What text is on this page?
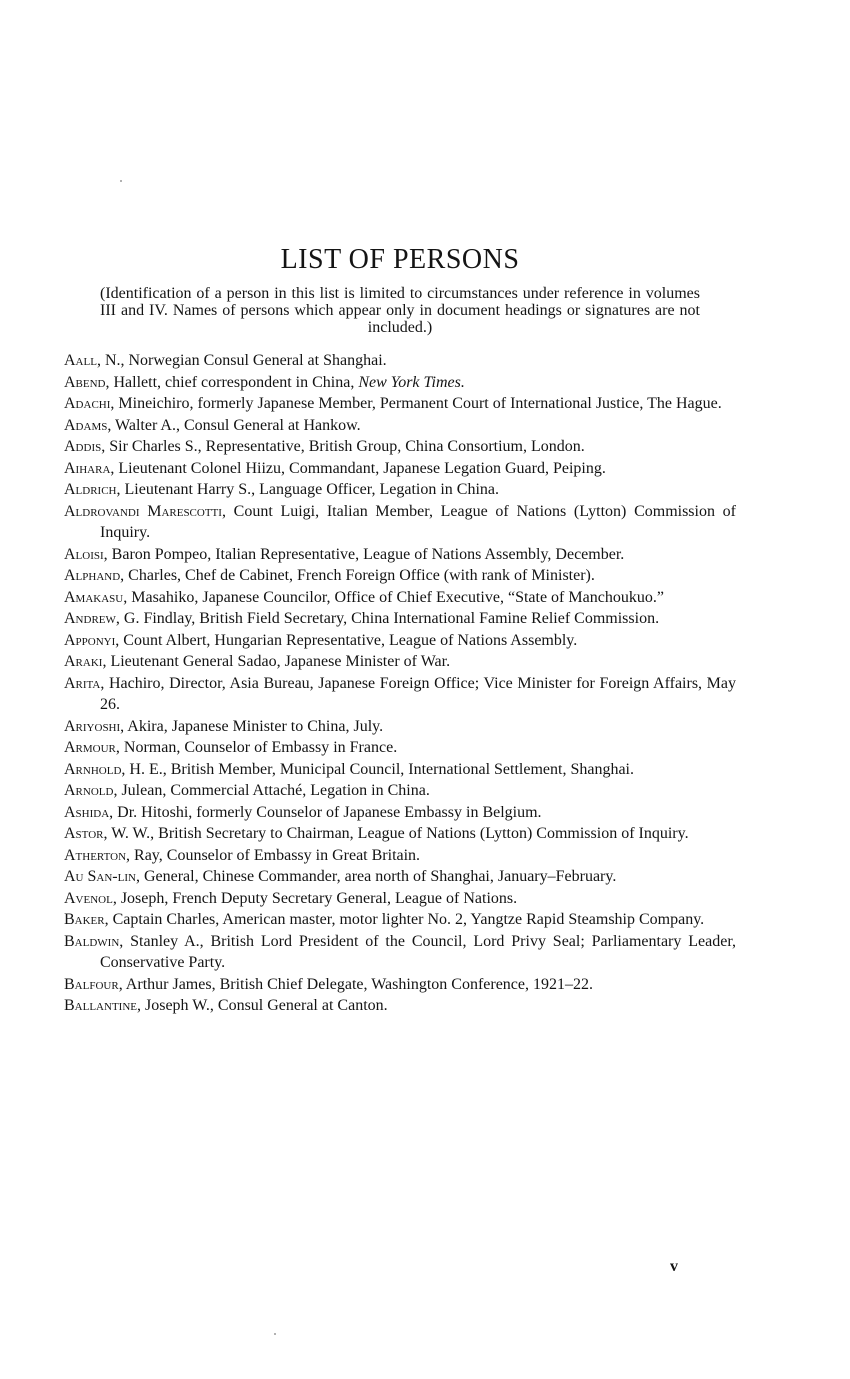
LIST OF PERSONS

(Identification of a person in this list is limited to circumstances under reference in volumes III and IV. Names of persons which appear only in document headings or signatures are not included.)

Aall, N., Norwegian Consul General at Shanghai.
Abend, Hallett, chief correspondent in China, New York Times.
Adachi, Mineichiro, formerly Japanese Member, Permanent Court of International Justice, The Hague.
Adams, Walter A., Consul General at Hankow.
Addis, Sir Charles S., Representative, British Group, China Consortium, London.
Aihara, Lieutenant Colonel Hiizu, Commandant, Japanese Legation Guard, Peiping.
Aldrich, Lieutenant Harry S., Language Officer, Legation in China.
Aldrovandi Marescotti, Count Luigi, Italian Member, League of Nations (Lytton) Commission of Inquiry.
Aloisi, Baron Pompeo, Italian Representative, League of Nations Assembly, December.
Alphand, Charles, Chef de Cabinet, French Foreign Office (with rank of Minister).
Amakasu, Masahiko, Japanese Councilor, Office of Chief Executive, “State of Manchoukuo.”
Andrew, G. Findlay, British Field Secretary, China International Famine Relief Commission.
Apponyi, Count Albert, Hungarian Representative, League of Nations Assembly.
Araki, Lieutenant General Sadao, Japanese Minister of War.
Arita, Hachiro, Director, Asia Bureau, Japanese Foreign Office; Vice Minister for Foreign Affairs, May 26.
Ariyoshi, Akira, Japanese Minister to China, July.
Armour, Norman, Counselor of Embassy in France.
Arnhold, H. E., British Member, Municipal Council, International Settlement, Shanghai.
Arnold, Julean, Commercial Attaché, Legation in China.
Ashida, Dr. Hitoshi, formerly Counselor of Japanese Embassy in Belgium.
Astor, W. W., British Secretary to Chairman, League of Nations (Lytton) Commission of Inquiry.
Atherton, Ray, Counselor of Embassy in Great Britain.
Au San-lin, General, Chinese Commander, area north of Shanghai, January–February.
Avenol, Joseph, French Deputy Secretary General, League of Nations.
Baker, Captain Charles, American master, motor lighter No. 2, Yangtze Rapid Steamship Company.
Baldwin, Stanley A., British Lord President of the Council, Lord Privy Seal; Parliamentary Leader, Conservative Party.
Balfour, Arthur James, British Chief Delegate, Washington Conference, 1921–22.
Ballantine, Joseph W., Consul General at Canton.
v
